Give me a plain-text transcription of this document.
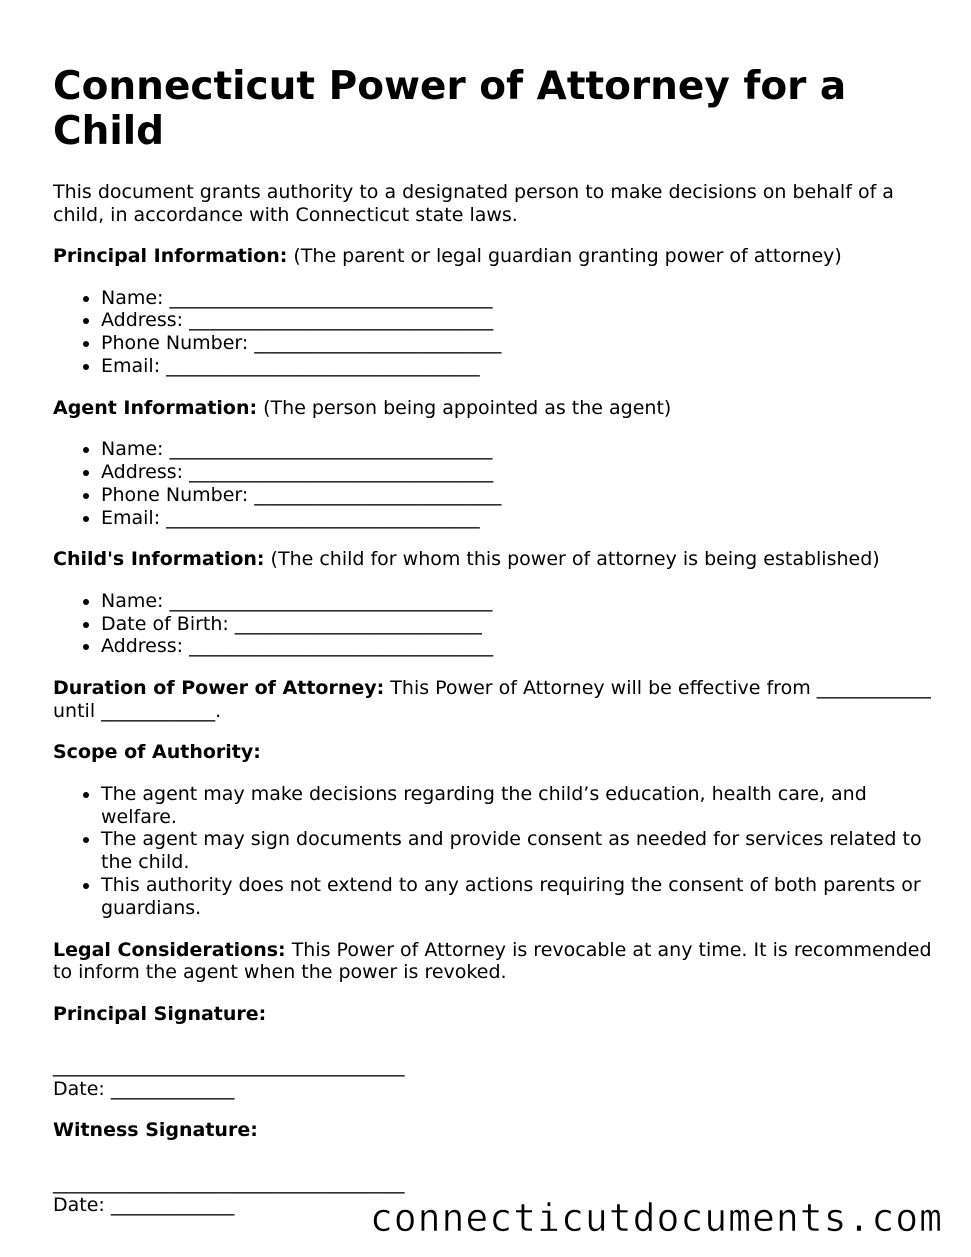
Connecticut Power of Attorney for a Child

This document grants authority to a designated person to make decisions on behalf of a child, in accordance with Connecticut state laws.

Principal Information: (The parent or legal guardian granting power of attorney)

• Name: __________________________________
• Address: ________________________________
• Phone Number: __________________________
• Email: _________________________________

Agent Information: (The person being appointed as the agent)

• Name: __________________________________
• Address: ________________________________
• Phone Number: __________________________
• Email: _________________________________

Child's Information: (The child for whom this power of attorney is being established)

• Name: __________________________________
• Date of Birth: __________________________
• Address: ________________________________

Duration of Power of Attorney: This Power of Attorney will be effective from ____________ until ____________.

Scope of Authority:

• The agent may make decisions regarding the child’s education, health care, and welfare.
• The agent may sign documents and provide consent as needed for services related to the child.
• This authority does not extend to any actions requiring the consent of both parents or guardians.

Legal Considerations: This Power of Attorney is revocable at any time. It is recommended to inform the agent when the power is revoked.

Principal Signature:

_____________________________________
Date: _____________

Witness Signature:

_____________________________________
Date: _____________	connecticutdocuments.com
